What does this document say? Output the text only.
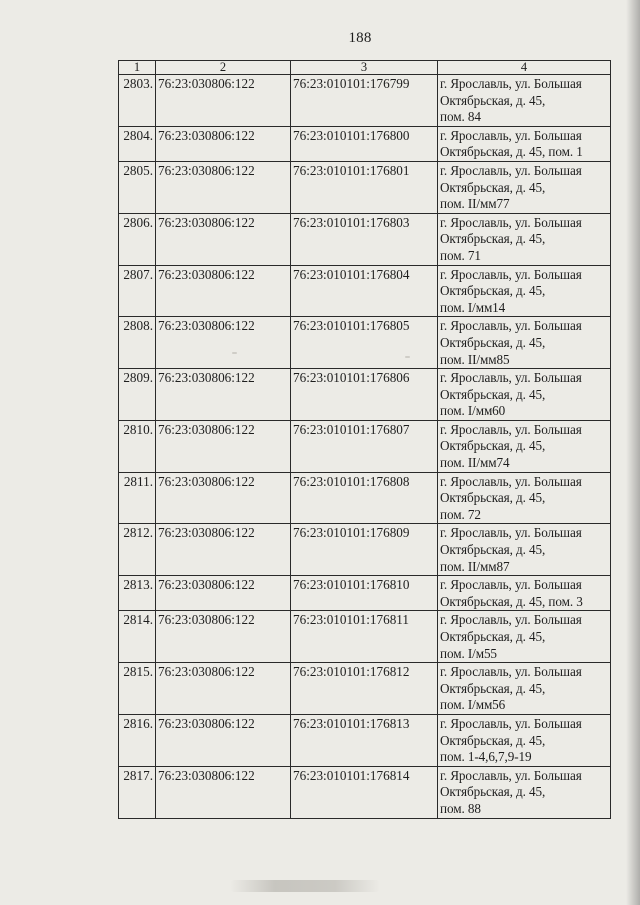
188
1	2	3	4
2803.	76:23:030806:122	76:23:010101:176799	г. Ярославль, ул. Большая
Октябрьская, д. 45,
пом. 84

2804.	76:23:030806:122	76:23:010101:176800	г. Ярославль, ул. Большая
Октябрьская, д. 45, пом. 1

2805.	76:23:030806:122	76:23:010101:176801	г. Ярославль, ул. Большая
Октябрьская, д. 45,
пом. II/мм77

2806.	76:23:030806:122	76:23:010101:176803	г. Ярославль, ул. Большая
Октябрьская, д. 45,
пом. 71

2807.	76:23:030806:122	76:23:010101:176804	г. Ярославль, ул. Большая
Октябрьская, д. 45,
пом. I/мм14

2808.	76:23:030806:122	76:23:010101:176805	г. Ярославль, ул. Большая
Октябрьская, д. 45,
пом. II/мм85

2809.	76:23:030806:122	76:23:010101:176806	г. Ярославль, ул. Большая
Октябрьская, д. 45,
пом. I/мм60

2810.	76:23:030806:122	76:23:010101:176807	г. Ярославль, ул. Большая
Октябрьская, д. 45,
пом. II/мм74

2811.	76:23:030806:122	76:23:010101:176808	г. Ярославль, ул. Большая
Октябрьская, д. 45,
пом. 72

2812.	76:23:030806:122	76:23:010101:176809	г. Ярославль, ул. Большая
Октябрьская, д. 45,
пом. II/мм87

2813.	76:23:030806:122	76:23:010101:176810	г. Ярославль, ул. Большая
Октябрьская, д. 45, пом. 3

2814.	76:23:030806:122	76:23:010101:176811	г. Ярославль, ул. Большая
Октябрьская, д. 45,
пом. I/м55

2815.	76:23:030806:122	76:23:010101:176812	г. Ярославль, ул. Большая
Октябрьская, д. 45,
пом. I/мм56

2816.	76:23:030806:122	76:23:010101:176813	г. Ярославль, ул. Большая
Октябрьская, д. 45,
пом. 1-4,6,7,9-19

2817.	76:23:030806:122	76:23:010101:176814	г. Ярославль, ул. Большая
Октябрьская, д. 45,
пом. 88
